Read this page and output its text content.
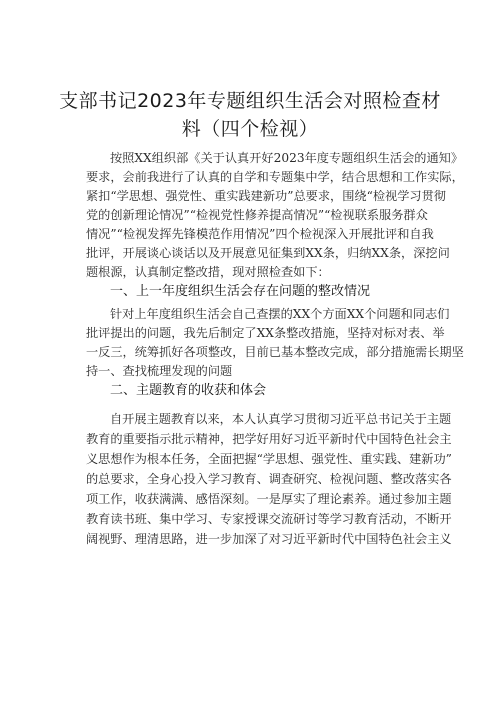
支部书记2023年专题组织生活会对照检查材
料（四个检视）
按照XX组织部《关于认真开好2023年度专题组织生活会的通知》
要求，会前我进行了认真的自学和专题集中学，结合思想和工作实际，
紧扣“学思想、强党性、重实践建新功”总要求，围绕“检视学习贯彻
党的创新理论情况”“检视党性修养提高情况”“检视联系服务群众
情况”“检视发挥先锋模范作用情况”四个检视深入开展批评和自我
批评，开展谈心谈话以及开展意见征集到XX条，归纳XX条，深挖问
题根源，认真制定整改措，现对照检查如下：
一、上一年度组织生活会存在问题的整改情况
针对上年度组织生活会自己查摆的XX个方面XX个问题和同志们
批评提出的问题，我先后制定了XX条整改措施，坚持对标对表、举
一反三，统筹抓好各项整改，目前已基本整改完成，部分措施需长期坚
持一、查找梳理发现的问题
二、主题教育的收获和体会
自开展主题教育以来，本人认真学习贯彻习近平总书记关于主题
教育的重要指示批示精神，把学好用好习近平新时代中国特色社会主
义思想作为根本任务，全面把握“学思想、强党性、重实践、建新功”
的总要求，全身心投入学习教育、调查研究、检视问题、整改落实各
项工作，收获满满、感悟深刻。一是厚实了理论素养。通过参加主题
教育读书班、集中学习、专家授课交流研讨等学习教育活动，不断开
阔视野、理清思路，进一步加深了对习近平新时代中国特色社会主义
